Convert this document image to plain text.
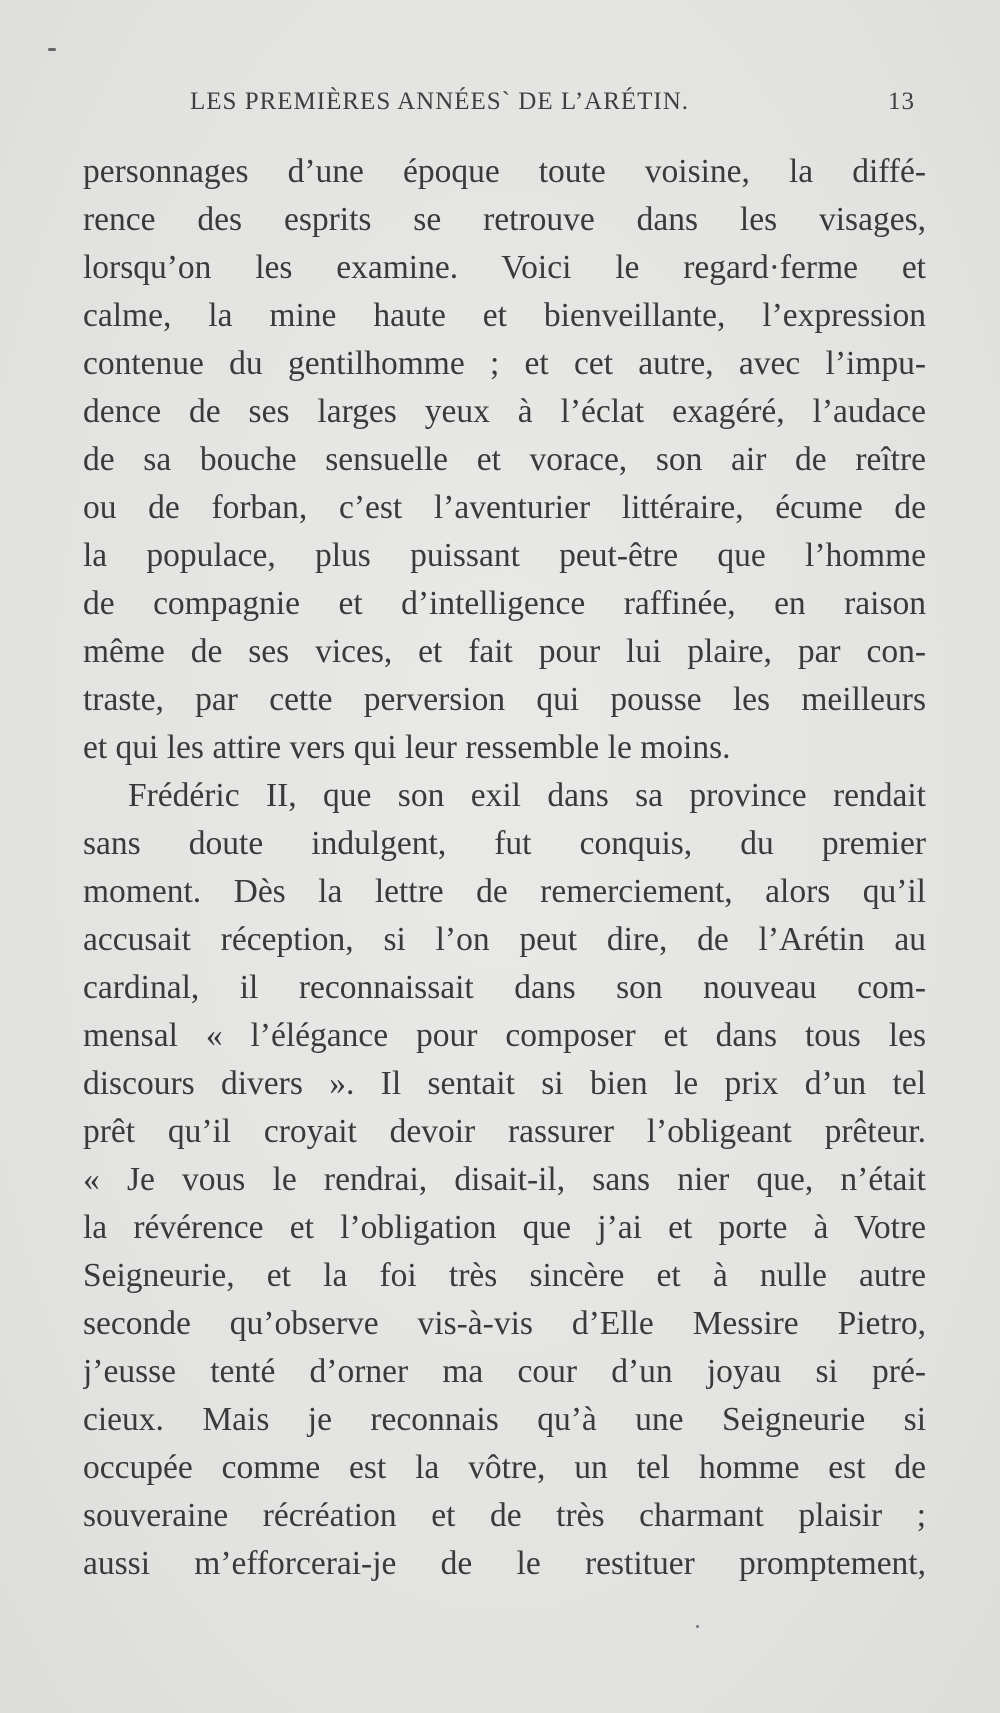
LES PREMIÈRES ANNÉES` DE L’ARÉTIN.	13
personnages d’une époque toute voisine, la diffé-
rence des esprits se retrouve dans les visages,
lorsqu’on les examine. Voici le regard·ferme et
calme, la mine haute et bienveillante, l’expression
contenue du gentilhomme ; et cet autre, avec l’impu-
dence de ses larges yeux à l’éclat exagéré, l’audace
de sa bouche sensuelle et vorace, son air de reître
ou de forban, c’est l’aventurier littéraire, écume de
la populace, plus puissant peut-être que l’homme
de compagnie et d’intelligence raffinée, en raison
même de ses vices, et fait pour lui plaire, par con-
traste, par cette perversion qui pousse les meilleurs
et qui les attire vers qui leur ressemble le moins.
Frédéric II, que son exil dans sa province rendait
sans doute indulgent, fut conquis, du premier
moment. Dès la lettre de remerciement, alors qu’il
accusait réception, si l’on peut dire, de l’Arétin au
cardinal, il reconnaissait dans son nouveau com-
mensal « l’élégance pour composer et dans tous les
discours divers ». Il sentait si bien le prix d’un tel
prêt qu’il croyait devoir rassurer l’obligeant prêteur.
« Je vous le rendrai, disait-il, sans nier que, n’était
la révérence et l’obligation que j’ai et porte à Votre
Seigneurie, et la foi très sincère et à nulle autre
seconde qu’observe vis-à-vis d’Elle Messire Pietro,
j’eusse tenté d’orner ma cour d’un joyau si pré-
cieux. Mais je reconnais qu’à une Seigneurie si
occupée comme est la vôtre, un tel homme est de
souveraine récréation et de très charmant plaisir ;
aussi m’efforcerai-je de le restituer promptement,
